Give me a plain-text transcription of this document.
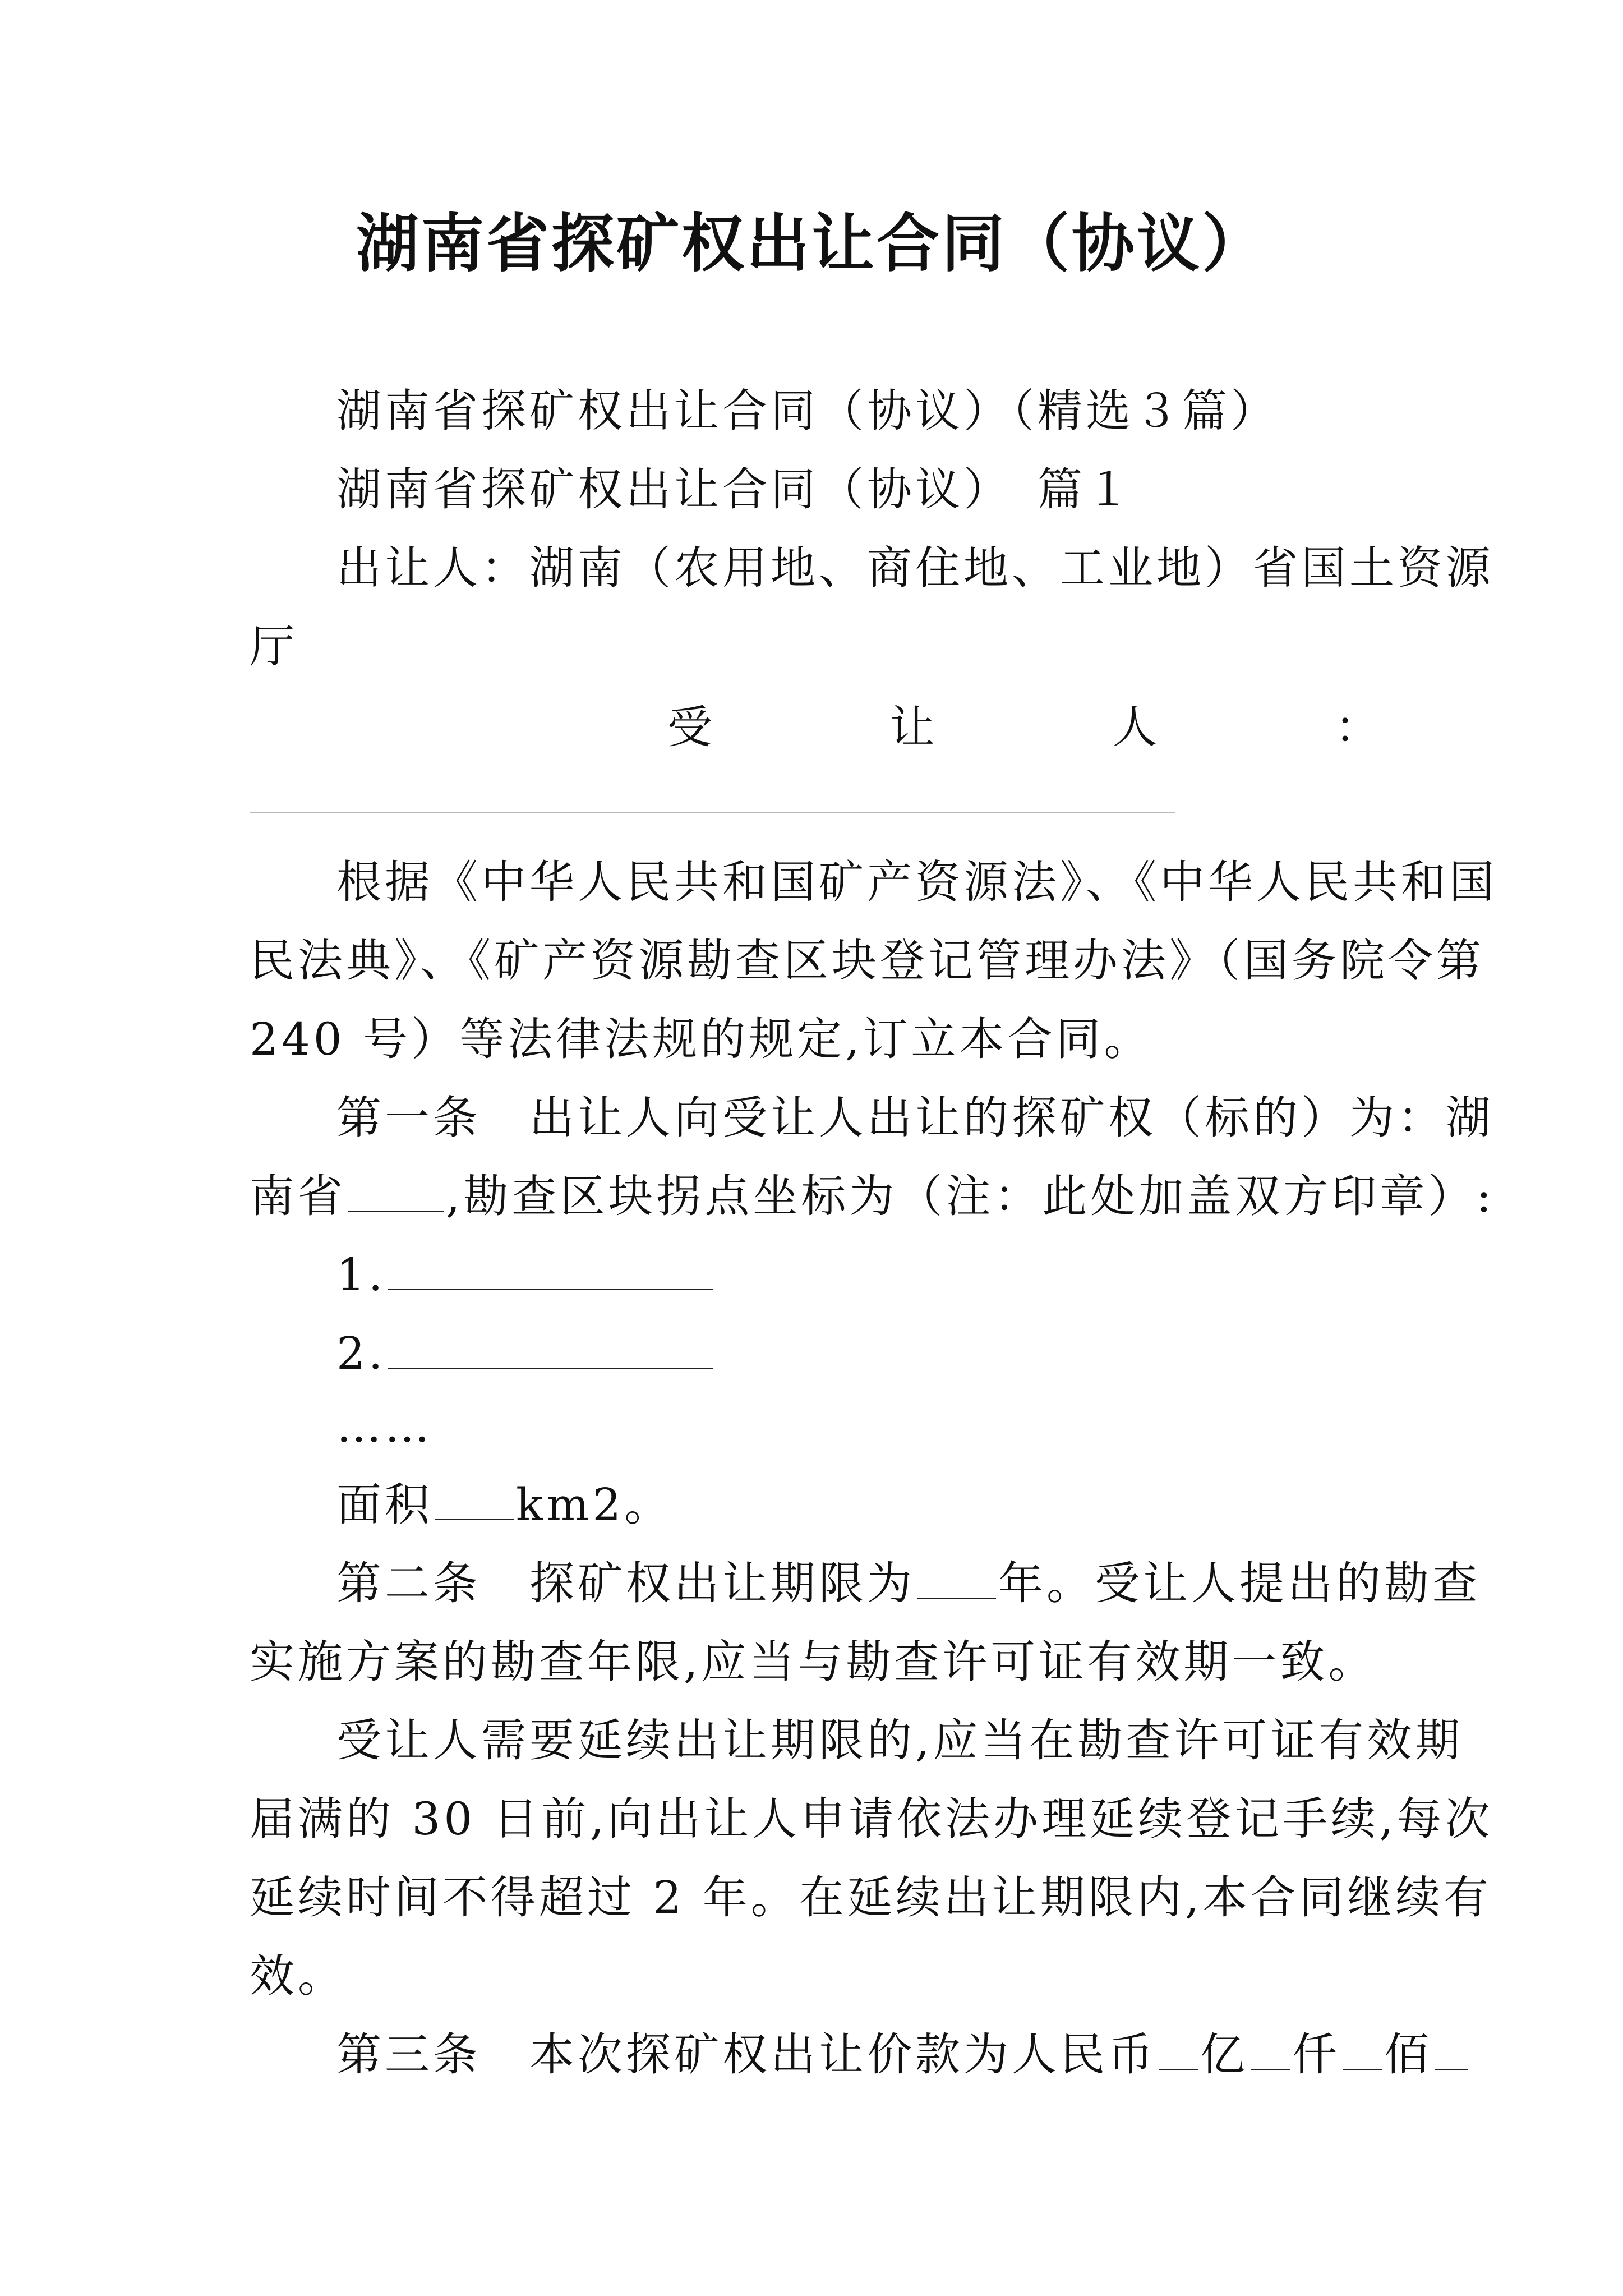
湖南省探矿权出让合同（协议）
湖南省探矿权出让合同（协议）（精选３篇）
湖南省探矿权出让合同（协议）　篇１
出让人：湖南（农用地、商住地、工业地）省国土资源
厅
受	让	人	：
根据《中华人民共和国矿产资源法》、《中华人民共和国
民法典》、《矿产资源勘查区块登记管理办法》（国务院令第
240 号）等法律法规的规定,订立本合同。
第一条　出让人向受让人出让的探矿权（标的）为：湖
南省 ,勘查区块拐点坐标为（注：此处加盖双方印章）:
1.
2.
……
面积 km2。
第二条　探矿权出让期限为 年。受让人提出的勘查
实施方案的勘查年限,应当与勘查许可证有效期一致。
受让人需要延续出让期限的,应当在勘查许可证有效期
届满的 30 日前,向出让人申请依法办理延续登记手续,每次
延续时间不得超过 2 年。在延续出让期限内,本合同继续有
效。
第三条　本次探矿权出让价款为人民币 亿 仟 佰
